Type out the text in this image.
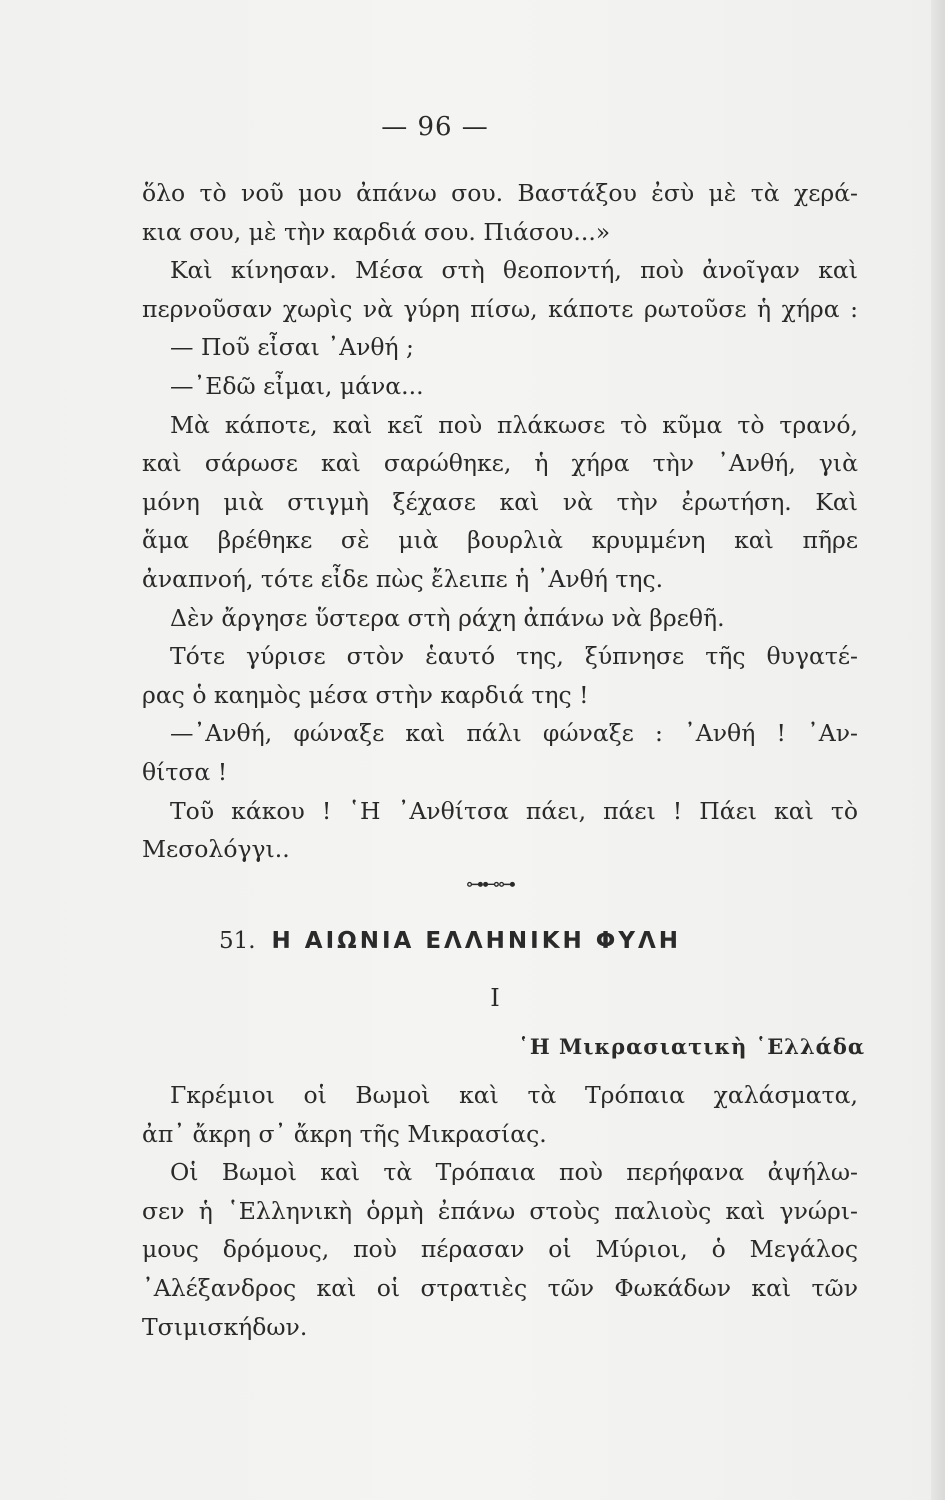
— 96 —
ὅλο τὸ νοῦ μου ἀπάνω σου. Βαστάξου ἐσὺ μὲ τὰ χερά-
κια σου, μὲ τὴν καρδιά σου. Πιάσου...»
Καὶ κίνησαν. Μέσα στὴ θεοποντή, ποὺ ἀνοῖγαν καὶ
περνοῦσαν χωρὶς νὰ γύρη πίσω, κάποτε ρωτοῦσε ἡ χήρα :
— Ποῦ εἶσαι ᾿Ανθή ;
—᾿Εδῶ εἶμαι, μάνα...
Μὰ κάποτε, καὶ κεῖ ποὺ πλάκωσε τὸ κῦμα τὸ τρανό,
καὶ σάρωσε καὶ σαρώθηκε, ἡ χήρα τὴν ᾿Ανθή, γιὰ
μόνη μιὰ στιγμὴ ξέχασε καὶ νὰ τὴν ἐρωτήση. Καὶ
ἅμα βρέθηκε σὲ μιὰ βουρλιὰ κρυμμένη καὶ πῆρε
ἀναπνοή, τότε εἶδε πὼς ἔλειπε ἡ ᾿Ανθή της.
Δὲν ἄργησε ὕστερα στὴ ράχη ἀπάνω νὰ βρεθῆ.
Τότε γύρισε στὸν ἑαυτό της, ξύπνησε τῆς θυγατέ-
ρας ὁ καημὸς μέσα στὴν καρδιά της !
—᾿Ανθή, φώναξε καὶ πάλι φώναξε : ᾿Ανθή ! ᾿Αν-
θίτσα !
Τοῦ κάκου ! ῾Η ᾿Ανθίτσα πάει, πάει ! Πάει καὶ τὸ
Μεσολόγγι..
⊶⊷⊶
51. Η ΑΙΩΝΙΑ ΕΛΛΗΝΙΚΗ ΦΥΛΗ
I
῾Η Μικρασιατικὴ ῾Ελλάδα
Γκρέμιοι οἱ Βωμοὶ καὶ τὰ Τρόπαια χαλάσματα,
ἀπ᾿ ἄκρη σ᾿ ἄκρη τῆς Μικρασίας.
Οἱ Βωμοὶ καὶ τὰ Τρόπαια ποὺ περήφανα ἀψήλω-
σεν ἡ ῾Ελληνικὴ ὁρμὴ ἐπάνω στοὺς παλιοὺς καὶ γνώρι-
μους δρόμους, ποὺ πέρασαν οἱ Μύριοι, ὁ Μεγάλος
᾿Αλέξανδρος καὶ οἱ στρατιὲς τῶν Φωκάδων καὶ τῶν
Τσιμισκήδων.
